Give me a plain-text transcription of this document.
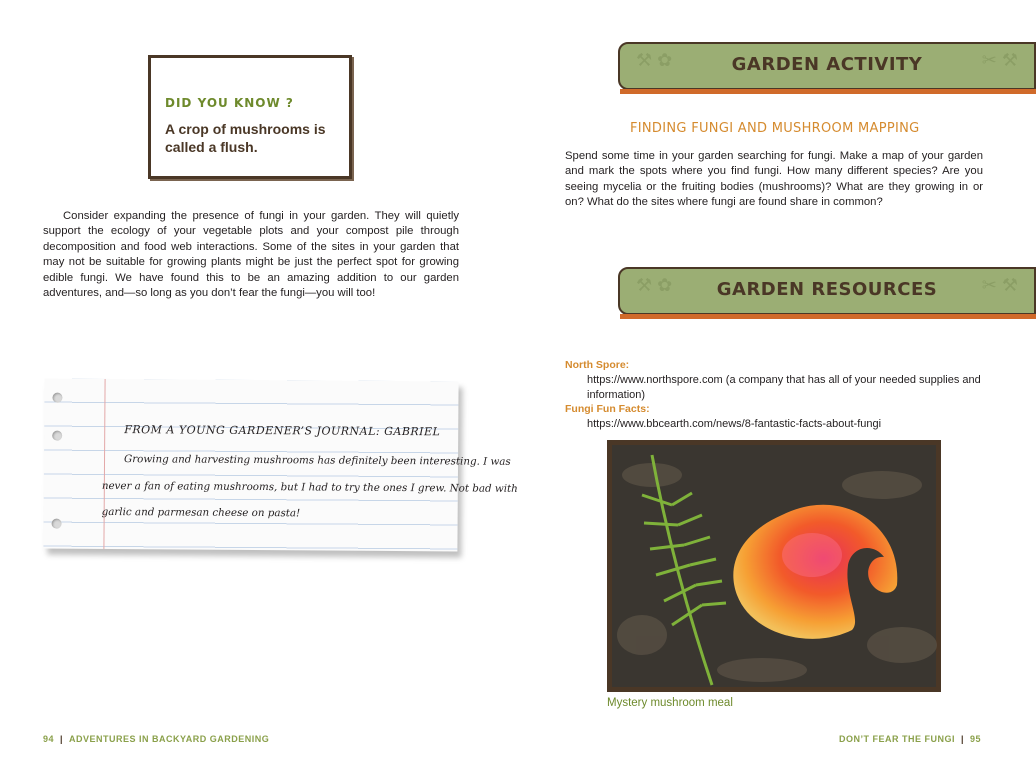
DID YOU KNOW ?
A crop of mushrooms is called a flush.
Consider expanding the presence of fungi in your garden. They will quietly support the ecology of your vegetable plots and your compost pile through decomposition and food web interactions. Some of the sites in your garden that may not be suitable for growing plants might be just the perfect spot for growing edible fungi. We have found this to be an amazing addition to our garden adventures, and—so long as you don’t fear the fungi—you will too!
FROM A YOUNG GARDENER’S JOURNAL: GABRIEL
Growing and harvesting mushrooms has definitely been interesting. I was
never a fan of eating mushrooms, but I had to try the ones I grew. Not bad with
garlic and parmesan cheese on pasta!
94 | ADVENTURES IN BACKYARD GARDENING
⚒ ✿	✂ ⚒
GARDEN ACTIVITY
FINDING FUNGI AND MUSHROOM MAPPING
Spend some time in your garden searching for fungi. Make a map of your garden and mark the spots where you find fungi. How many different species? Are you seeing mycelia or the fruiting bodies (mushrooms)? What are they growing in or on? What do the sites where fungi are found share in common?
⚒ ✿	✂ ⚒
GARDEN RESOURCES
North Spore:
https://www.northspore.com (a company that has all of your needed supplies and information)
Fungi Fun Facts:
https://www.bbcearth.com/news/8-fantastic-facts-about-fungi
Mystery mushroom meal
DON’T FEAR THE FUNGI | 95
